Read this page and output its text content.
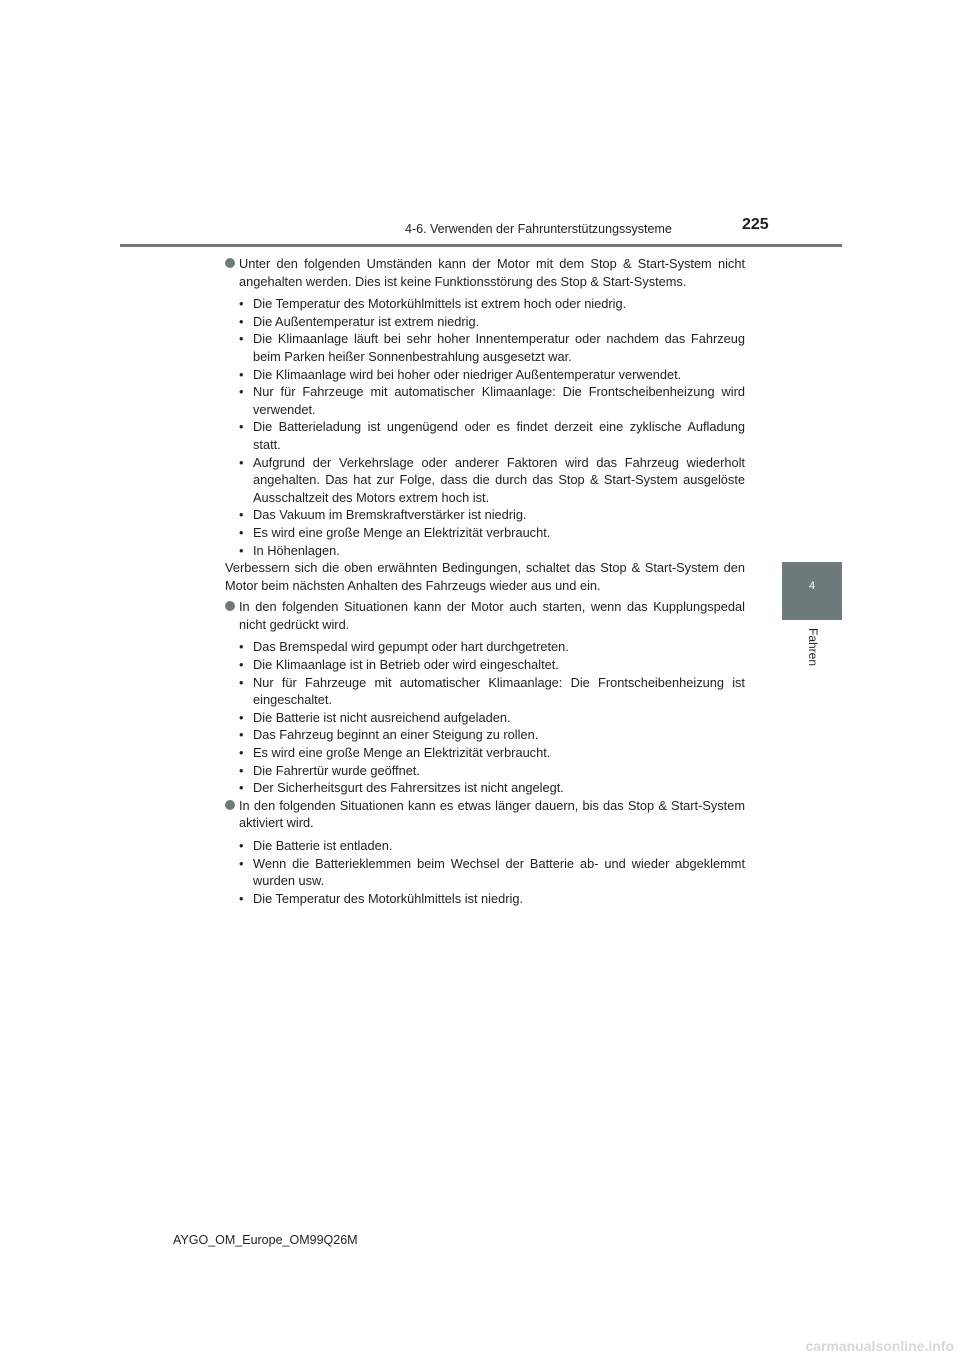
4-6. Verwenden der Fahrunterstützungssysteme	225
4
Fahren

Unter den folgenden Umständen kann der Motor mit dem Stop & Start-System nicht angehalten werden. Dies ist keine Funktionsstörung des Stop & Start-Systems.

• Die Temperatur des Motorkühlmittels ist extrem hoch oder niedrig.
• Die Außentemperatur ist extrem niedrig.
• Die Klimaanlage läuft bei sehr hoher Innentemperatur oder nachdem das Fahrzeug beim Parken heißer Sonnenbestrahlung ausgesetzt war.
• Die Klimaanlage wird bei hoher oder niedriger Außentemperatur verwendet.
• Nur für Fahrzeuge mit automatischer Klimaanlage: Die Frontscheibenheizung wird verwendet.
• Die Batterieladung ist ungenügend oder es findet derzeit eine zyklische Aufladung statt.
• Aufgrund der Verkehrslage oder anderer Faktoren wird das Fahrzeug wiederholt angehalten. Das hat zur Folge, dass die durch das Stop & Start-System ausgelöste Ausschaltzeit des Motors extrem hoch ist.
• Das Vakuum im Bremskraftverstärker ist niedrig.
• Es wird eine große Menge an Elektrizität verbraucht.
• In Höhenlagen.

Verbessern sich die oben erwähnten Bedingungen, schaltet das Stop & Start-System den Motor beim nächsten Anhalten des Fahrzeugs wieder aus und ein.

In den folgenden Situationen kann der Motor auch starten, wenn das Kupplungspedal nicht gedrückt wird.

• Das Bremspedal wird gepumpt oder hart durchgetreten.
• Die Klimaanlage ist in Betrieb oder wird eingeschaltet.
• Nur für Fahrzeuge mit automatischer Klimaanlage: Die Frontscheibenheizung ist eingeschaltet.
• Die Batterie ist nicht ausreichend aufgeladen.
• Das Fahrzeug beginnt an einer Steigung zu rollen.
• Es wird eine große Menge an Elektrizität verbraucht.
• Die Fahrertür wurde geöffnet.
• Der Sicherheitsgurt des Fahrersitzes ist nicht angelegt.

In den folgenden Situationen kann es etwas länger dauern, bis das Stop & Start-System aktiviert wird.

• Die Batterie ist entladen.
• Wenn die Batterieklemmen beim Wechsel der Batterie ab- und wieder abgeklemmt wurden usw.
• Die Temperatur des Motorkühlmittels ist niedrig.
AYGO_OM_Europe_OM99Q26M
carmanualsonline.info
